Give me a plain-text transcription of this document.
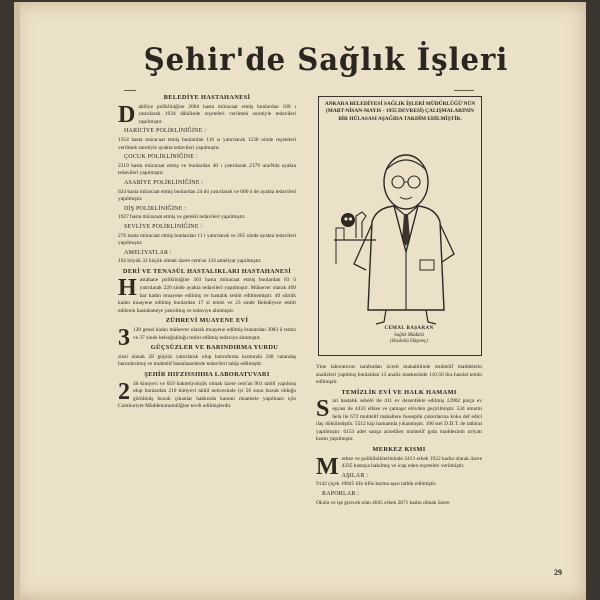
Şehir'de Sağlık İşleri
BELEDİYE HASTAHANESİ

Dahiliye polikliniğine 2004 hasta müracaat etmiş bunlardan 160 ı yatırılarak 1934 dâhilinde reçeteleri verilmek suretiyle tedavileri yapılmıştır.

HARİCİYE POLİKLİNİĞİNE :

1354 hasta müracaat etmiş bunlardan 116 sı yatırılarak 1238 ninde reçeteleri verilmek suretiyle ayakta tedavileri yapılmıştır.

ÇOCUK POLİKLİNİĞİNE :

2219 hasta müracaat etmiş ve bunlardan 40 ı yatırılarak 2179 unuNda ayakta tedavileri yapılmıştır.

ASABİYE POLİKLİNİĞİNE :

624 hasta müracaat etmiş bunlardan 24 dü yatırılarak ve 600 ü de ayakta tedavileri yapılmıştır.

DİŞ POLİKLİNİĞİNE :

1927 hasta müracaat etmiş ve gerekli tedavileri yapılmıştır.

SEVLİYE POLİKLİNİĞİNE :

276 hasta müracaat etmiş bunlardan 11 i yatırılarak ve 265 ninde ayakta tedavileri yapılmıştır.

AMELİYATLAR :

102 büyük 32 küçük olmak üzere cem'an 134 ameliyat yapılmıştır.

DERİ VE TENASÜL HASTALIKLARI HASTAHANESİ

Hastahane polikliniğine 303 hasta müracaat etmiş bunlardan 83 ü yatırılarak 220 sinde ayakta tedavileri yapılmıştır. Mükerrer olarak 469 bar kadın muayene edilmiş ve hastalık tesbit edilmemiştir. 40 sürtük kadın muayene edilmiş bunlardan 17 si temiz ve 23 sinde Belediyece tesbit edilerek hastahaneye yatırılmış ve tedaviye alınmıştır.

ZÜHREVİ MUAYENE EVİ

3 120 genel kadın mükerrer olarak muayene edilmiş bunlardan 3083 ü temiz ve 37 sinde belsoğukluğu tesbit edilmiş tedaviye alınmıştır.

GÜÇSÜZLER VE BARINDIRMA YURDU

sinsi olarak 28 güçsüz yatırılarak olup barındırma kısmında 248 vatandaş barındırılmış ve muhtelif hastahanelerde tedavileri takip edilmiştir.

ŞEHİR HIFZISSIHHA LABORATUVARI

2 46 kimyevi ve 659 bakteriyolojik olmak üzere cem'an 901 tahlil yapılmış olup bunlardan 210 kimyevi tahlil neticesinde iyi 56 sının bozuk olduğu görülmüş bozuk çıkanlar hakkında kanuni muamele yapılması için Cumhuriyet Müddeiumumiliğine tevdi edilmişlerdir.

ANKARA BELEDİYESİ SAĞLIK İŞLERİ MÜDÜRLÜĞÜ'NÜN (MART-NİSAN-MAYIS - 1955 DEVRESİ) ÇALIŞMALARININ BİR HÜLASASI AŞAĞIDA TAKDİM EDİLMİŞTİR.
CEMAL BAŞARAN
Sağlık Müdürü
(Hasbülâ Düşmeç)

Yine laboratuvar tarafından ücreti mukabilinde muhtelif maddelerin analizleri yapılmış bunlardan 13 analiz maskesinde 110,50 lira hasılat temin edilmiştir.

TEMİZLİK EVİ VE HALK HAMAMI

Sari hastalık sebebi ile 411 ev dezenfekte edilmiş 12902 parça ev eşyası ile 4433 elbise ve çamaşır etüvden geçirilmiştir. 534 umumi hela ile 672 muhtelif mahallere fosseptik çukurlarına koku def edici ilaç dökülmüştür. 5512 kişi hamamda yıkanmıştır. 106 stel D.D.T. de tathirat yapılmıştır. 6153 adet satışa arzedilen muhtelif gıda maddesinin ıtriyatı kısmı yapılmıştır.

MERKEZ KISMI

Merkez ve poliklinikleriminde 2413 erkek 1922 kadın olarak üzere 4335 hastaya bakılmış ve icap eden reçeteleri verilmiştir.

AŞILAR :

9142 çiçek 10845 tifo tifüs karma aşısı tatbik edilmiştir.

RAPORLAR :

Okula ve işe girecek olan 4045 erkek 2871 kadın olmak üzere

29
